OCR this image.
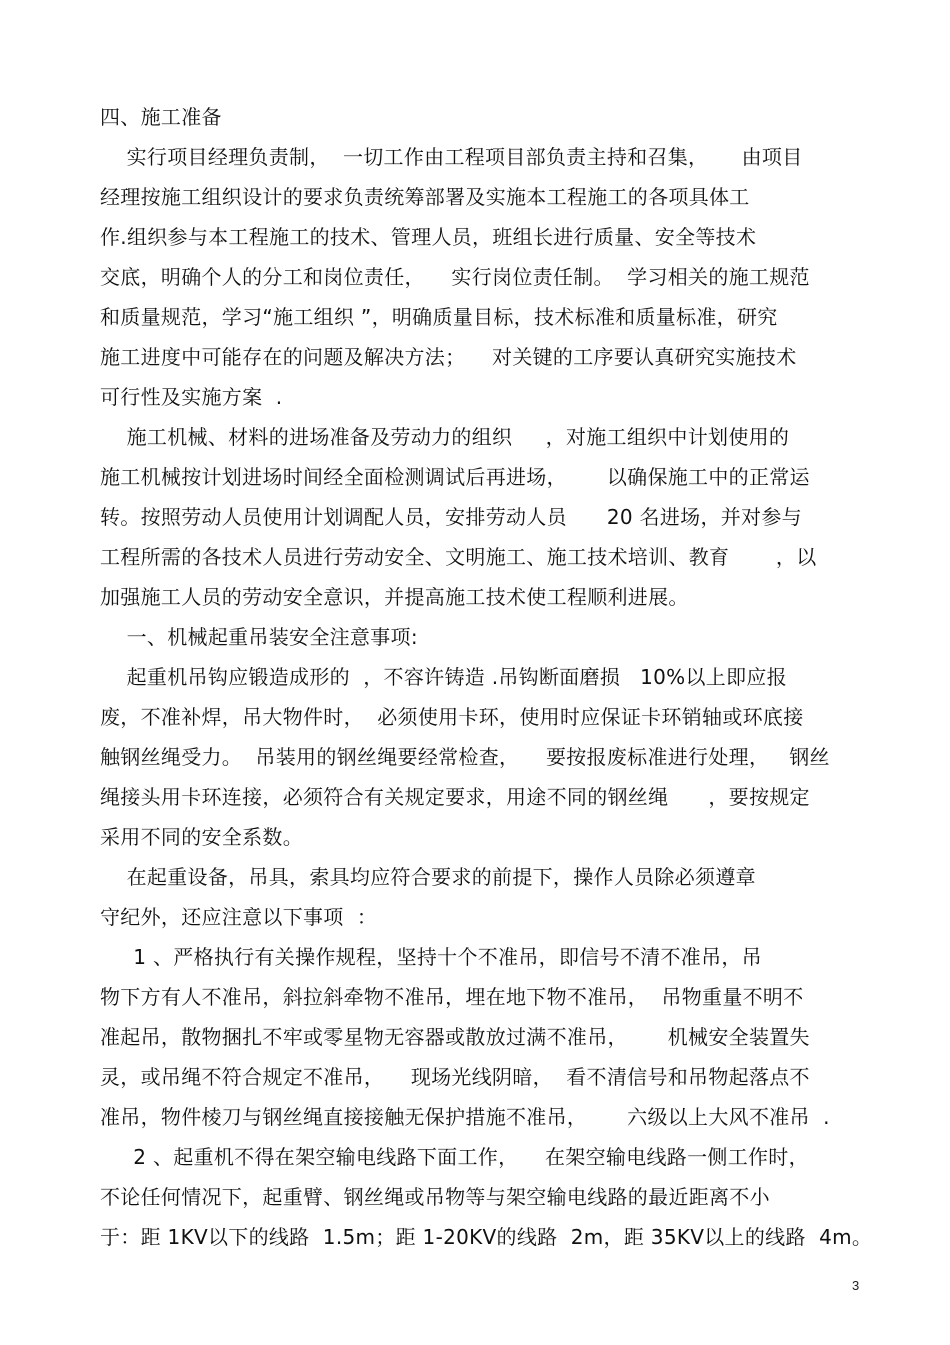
四、施工准备
实行项目经理负责制，  一切工作由工程项目部负责主持和召集，     由项目
经理按施工组织设计的要求负责统筹部署及实施本工程施工的各项具体工
作.组织参与本工程施工的技术、管理人员，班组长进行质量、安全等技术
交底，明确个人的分工和岗位责任，    实行岗位责任制。  学习相关的施工规范
和质量规范，学习“施工组织 ”，明确质量目标，技术标准和质量标准，研究
施工进度中可能存在的问题及解决方法；    对关键的工序要认真研究实施技术
可行性及实施方案  .
施工机械、材料的进场准备及劳动力的组织     ，对施工组织中计划使用的
施工机械按计划进场时间经全面检测调试后再进场，      以确保施工中的正常运
转。按照劳动人员使用计划调配人员，安排劳动人员      20 名进场，并对参与
工程所需的各技术人员进行劳动安全、文明施工、施工技术培训、教育       ，以
加强施工人员的劳动安全意识，并提高施工技术使工程顺利进展。
一、机械起重吊装安全注意事项:
起重机吊钩应锻造成形的  ，不容许铸造 .吊钩断面磨损   10%以上即应报
废，不准补焊，吊大物件时，  必须使用卡环，使用时应保证卡环销轴或环底接
触钢丝绳受力。  吊装用的钢丝绳要经常检查，    要按报废标准进行处理，   钢丝
绳接头用卡环连接，必须符合有关规定要求，用途不同的钢丝绳      ，要按规定
采用不同的安全系数。
在起重设备，吊具，索具均应符合要求的前提下，操作人员除必须遵章
守纪外，还应注意以下事项  ：
1 、严格执行有关操作规程，坚持十个不准吊，即信号不清不准吊，吊
物下方有人不准吊，斜拉斜牵物不准吊，埋在地下物不准吊，  吊物重量不明不
准起吊，散物捆扎不牢或零星物无容器或散放过满不准吊，      机械安全装置失
灵，或吊绳不符合规定不准吊，    现场光线阴暗，  看不清信号和吊物起落点不
准吊，物件棱刀与钢丝绳直接接触无保护措施不准吊，      六级以上大风不准吊  .
2 、起重机不得在架空输电线路下面工作，    在架空输电线路一侧工作时，
不论任何情况下，起重臂、钢丝绳或吊物等与架空输电线路的最近距离不小
于：距 1KV以下的线路  1.5m；距 1-20KV的线路  2m，距 35KV以上的线路  4m。
3
